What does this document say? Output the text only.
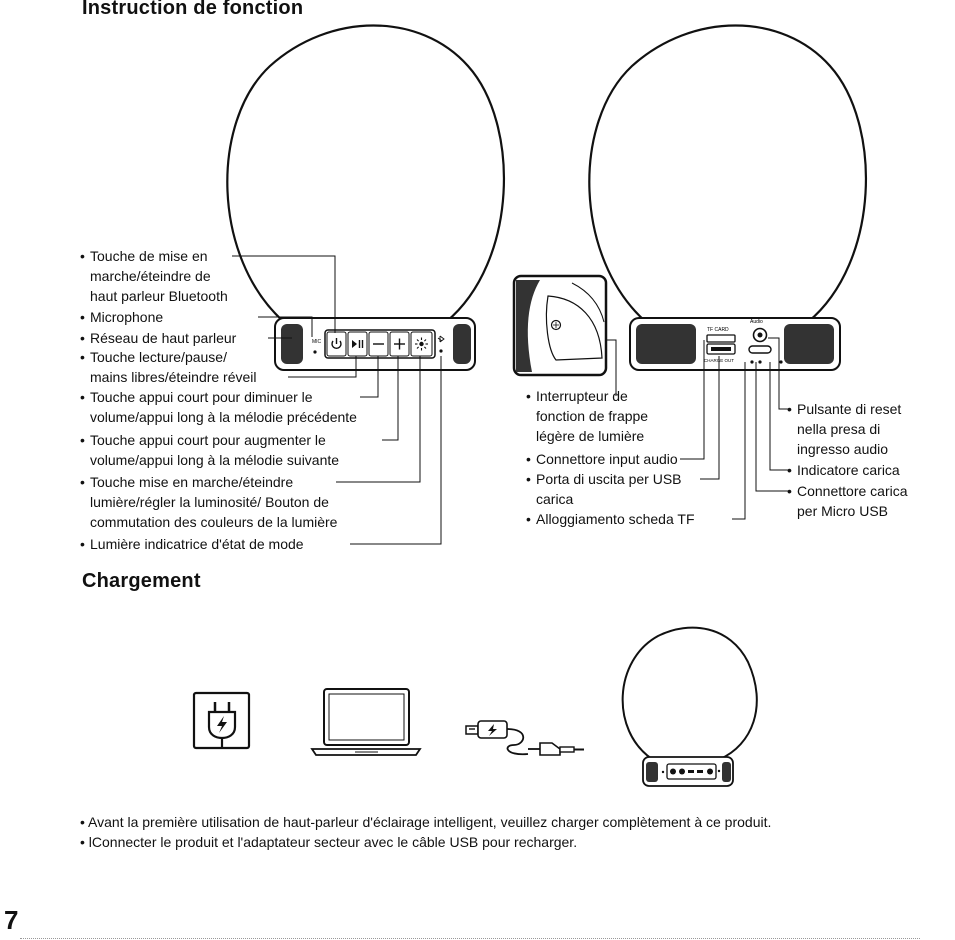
Instruction de fonction
Chargement
MIC
TF CARD
CHARGE OUT
Audio
• Touche de mise en
marche/éteindre de
haut parleur Bluetooth
• Microphone
• Réseau de haut parleur
• Touche lecture/pause/
mains libres/éteindre réveil
• Touche appui court pour diminuer le
volume/appui long à la mélodie précédente
• Touche appui court pour augmenter le
volume/appui long à la mélodie suivante
• Touche mise en marche/éteindre
lumière/régler la luminosité/ Bouton de
commutation des couleurs de la lumière
• Lumière indicatrice d'état de mode
• Interrupteur de
fonction de frappe
légère de lumière
• Connettore input audio
• Porta di uscita per USB
carica
• Alloggiamento scheda TF
• Pulsante di reset
nella presa di
ingresso audio
• Indicatore carica
• Connettore carica
per Micro USB
• Avant la première utilisation de haut-parleur d'éclairage intelligent, veuillez charger complètement à ce produit.
• lConnecter le produit et l'adaptateur secteur avec le câble USB pour recharger.
7
